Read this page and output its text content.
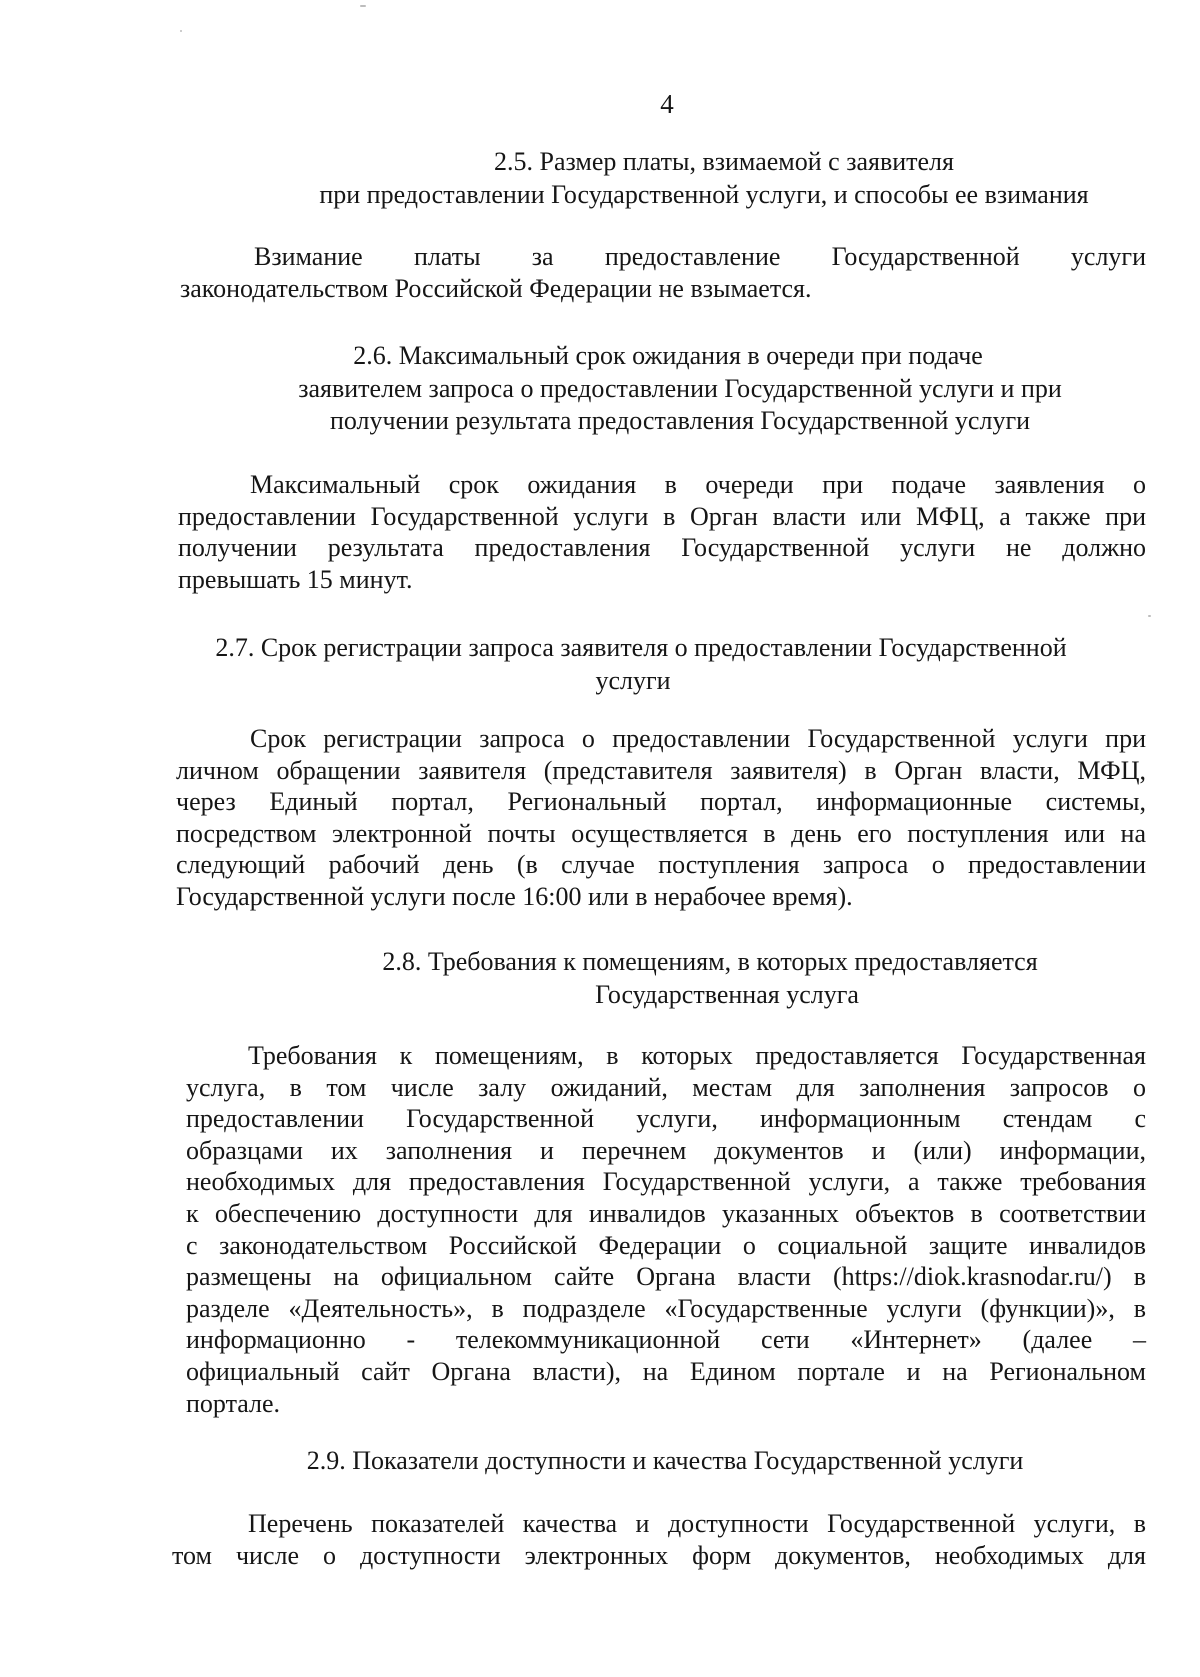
4
2.5. Размер платы, взимаемой с заявителя
при предоставлении Государственной услуги, и способы ее взимания
Взимание платы за предоставление Государственной услуги
законодательством Российской Федерации не взымается.
2.6. Максимальный срок ожидания в очереди при подаче
заявителем запроса о предоставлении Государственной услуги и при
получении результата предоставления Государственной услуги
Максимальный срок ожидания в очереди при подаче заявления о
предоставлении Государственной услуги в Орган власти или МФЦ, а также при
получении результата предоставления Государственной услуги не должно
превышать 15 минут.
2.7. Срок регистрации запроса заявителя о предоставлении Государственной
услуги
Срок регистрации запроса о предоставлении Государственной услуги при
личном обращении заявителя (представителя заявителя) в Орган власти, МФЦ,
через Единый портал, Региональный портал, информационные системы,
посредством электронной почты осуществляется в день его поступления или на
следующий рабочий день (в случае поступления запроса о предоставлении
Государственной услуги после 16:00 или в нерабочее время).
2.8. Требования к помещениям, в которых предоставляется
Государственная услуга
Требования к помещениям, в которых предоставляется Государственная
услуга, в том числе залу ожиданий, местам для заполнения запросов о
предоставлении Государственной услуги, информационным стендам с
образцами их заполнения и перечнем документов и (или) информации,
необходимых для предоставления Государственной услуги, а также требования
к обеспечению доступности для инвалидов указанных объектов в соответствии
с законодательством Российской Федерации о социальной защите инвалидов
размещены на официальном сайте Органа власти (https://diok.krasnodar.ru/) в
разделе «Деятельность», в подразделе «Государственные услуги (функции)», в
информационно - телекоммуникационной сети «Интернет» (далее –
официальный сайт Органа власти), на Едином портале и на Региональном
портале.
2.9. Показатели доступности и качества Государственной услуги
Перечень показателей качества и доступности Государственной услуги, в
том числе о доступности электронных форм документов, необходимых для
